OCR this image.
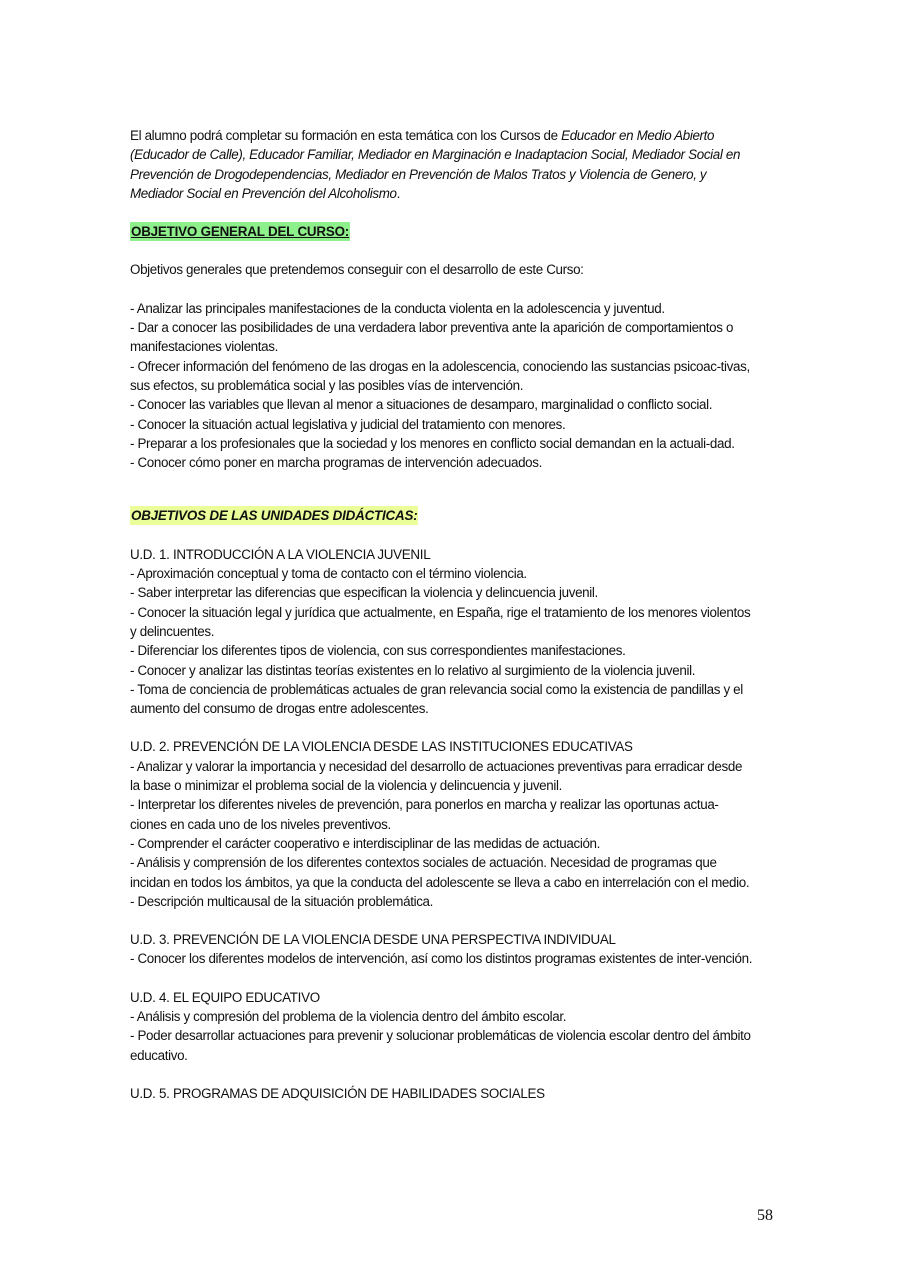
El alumno podrá completar su formación en esta temática con los Cursos de Educador en Medio Abierto (Educador de Calle), Educador Familiar, Mediador en Marginación e Inadaptacion Social, Mediador Social en Prevención de Drogodependencias, Mediador en Prevención de Malos Tratos y Violencia de Genero, y Mediador Social en Prevención del Alcoholismo.
OBJETIVO GENERAL DEL CURSO:
Objetivos generales que pretendemos conseguir con el desarrollo de este Curso:
- Analizar las principales manifestaciones de la conducta violenta en la adolescencia y juventud.
- Dar a conocer las posibilidades de una verdadera labor preventiva ante la aparición de comportamientos o manifestaciones violentas.
- Ofrecer información del fenómeno de las drogas en la adolescencia, conociendo las sustancias psicoac-tivas, sus efectos, su problemática social y las posibles vías de intervención.
- Conocer las variables que llevan al menor a situaciones de desamparo, marginalidad o conflicto social.
- Conocer la situación actual legislativa y judicial del tratamiento con menores.
- Preparar a los profesionales que la sociedad y los menores en conflicto social demandan en la actuali-dad.
- Conocer cómo poner en marcha programas de intervención adecuados.
OBJETIVOS DE LAS UNIDADES DIDÁCTICAS:
U.D. 1. INTRODUCCIÓN A LA VIOLENCIA JUVENIL
- Aproximación conceptual y toma de contacto con el término violencia.
- Saber interpretar las diferencias que especifican la violencia y delincuencia juvenil.
- Conocer la situación legal y jurídica que actualmente, en España, rige el tratamiento de los menores violentos y delincuentes.
- Diferenciar los diferentes tipos de violencia, con sus correspondientes manifestaciones.
- Conocer y analizar las distintas teorías existentes en lo relativo al surgimiento de la violencia juvenil.
- Toma de conciencia de problemáticas actuales de gran relevancia social como la existencia de pandillas y el aumento del consumo de drogas entre adolescentes.
U.D. 2. PREVENCIÓN DE LA VIOLENCIA DESDE LAS INSTITUCIONES EDUCATIVAS
- Analizar y valorar la importancia y necesidad del desarrollo de actuaciones preventivas para erradicar desde la base o minimizar el problema social de la violencia y delincuencia y juvenil.
- Interpretar los diferentes niveles de prevención, para ponerlos en marcha y realizar las oportunas actua-ciones en cada uno de los niveles preventivos.
- Comprender el carácter cooperativo e interdisciplinar de las medidas de actuación.
- Análisis y comprensión de los diferentes contextos sociales de actuación. Necesidad de programas que incidan en todos los ámbitos, ya que la conducta del adolescente se lleva a cabo en interrelación con el medio.
- Descripción multicausal de la situación problemática.
U.D. 3. PREVENCIÓN DE LA VIOLENCIA DESDE UNA PERSPECTIVA INDIVIDUAL
- Conocer los diferentes modelos de intervención, así como los distintos programas existentes de inter-vención.
U.D. 4. EL EQUIPO EDUCATIVO
- Análisis y compresión del problema de la violencia dentro del ámbito escolar.
- Poder desarrollar actuaciones para prevenir y solucionar problemáticas de violencia escolar dentro del ámbito educativo.
U.D. 5. PROGRAMAS DE ADQUISICIÓN DE HABILIDADES SOCIALES
58
